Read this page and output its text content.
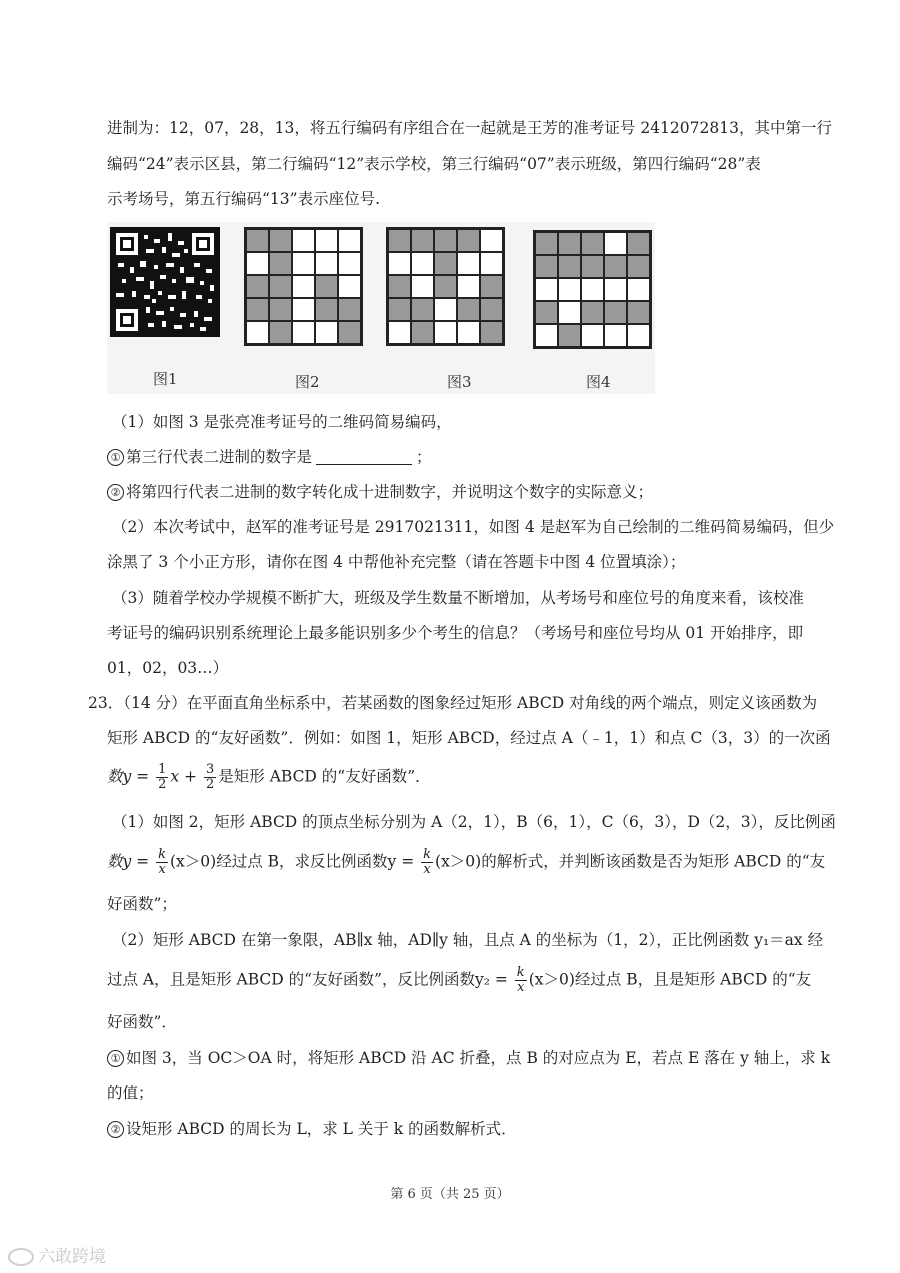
进制为：12，07，28，13，将五行编码有序组合在一起就是王芳的准考证号 2412072813，其中第一行
编码“24”表示区县，第二行编码“12”表示学校，第三行编码“07”表示班级，第四行编码“28”表
示考场号，第五行编码“13”表示座位号.
图1	图2	图3	图4
（1）如图 3 是张亮准考证号的二维码简易编码，
① 第三行代表二进制的数字是	；
② 将第四行代表二进制的数字转化成十进制数字，并说明这个数字的实际意义；
（2）本次考试中，赵军的准考证号是 2917021311，如图 4 是赵军为自己绘制的二维码简易编码，但少
涂黑了 3 个小正方形，请你在图 4 中帮他补充完整（请在答题卡中图 4 位置填涂）；
（3）随着学校办学规模不断扩大，班级及学生数量不断增加，从考场号和座位号的角度来看，该校准
考证号的编码识别系统理论上最多能识别多少个考生的信息？（考场号和座位号均从 01 开始排序，即
01，02，03…）
23．（14 分）在平面直角坐标系中，若某函数的图象经过矩形 ABCD 对角线的两个端点，则定义该函数为
矩形 ABCD 的“友好函数”．例如：如图 1，矩形 ABCD，经过点 A（﹣1，1）和点 C（3，3）的一次函
数$y = \frac{1}{2}$ $x + \frac{3}{2}$ 是矩形 ABCD 的“友好函数”．
（1）如图 2，矩形 ABCD 的顶点坐标分别为 A（2，1），B（6，1），C（6，3），D（2，3），反比例函
数$y = \frac{k}{x} (x>0)$经过点 B，求反比例函数$y = \frac{k}{x} (x>0)$的解析式，并判断该函数是否为矩形 ABCD 的“友
好函数”；
（2）矩形 ABCD 在第一象限，AB∥x 轴，AD∥y 轴，且点 A 的坐标为（1，2），正比例函数 y₁＝ax 经
过点 A，且是矩形 ABCD 的“友好函数”，反比例函数$y_2 = \frac{k}{x} (x>0)$经过点 B，且是矩形 ABCD 的“友
好函数”．
① 如图 3，当 OC＞OA 时，将矩形 ABCD 沿 AC 折叠，点 B 的对应点为 E，若点 E 落在 y 轴上，求 k
的值；
② 设矩形 ABCD 的周长为 L，求 L 关于 k 的函数解析式．
第 6 页（共 25 页）
六敢跨境
